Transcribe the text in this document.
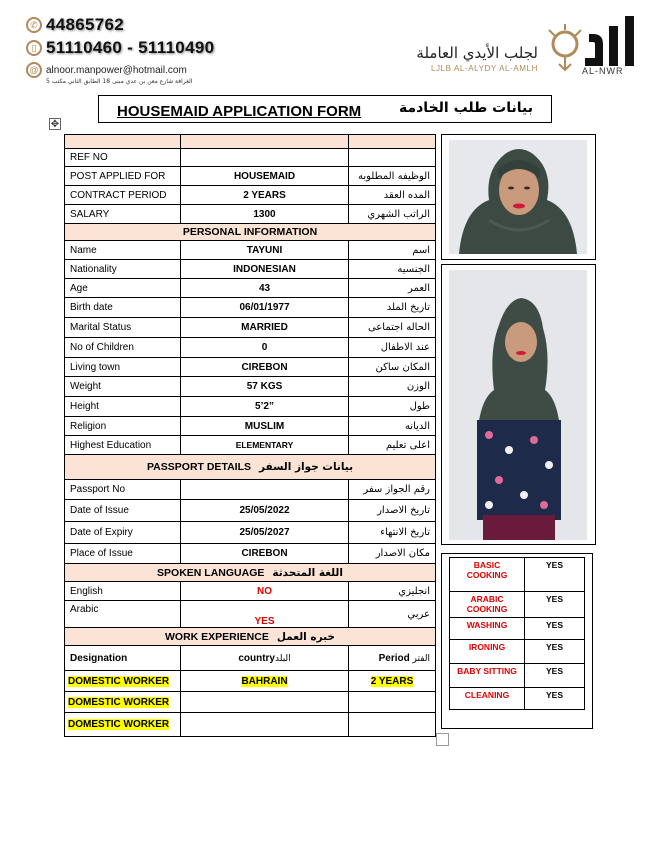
✆ 44865762
▯ 51110460 - 51110490
@ alnoor.manpower@hotmail.com
الغرافة شارع معن بن عدي مبنى 18 الطابق الثاني مكتب 5
لجلب الأيدي العاملة
LJLB AL-ALYDY AL-AMLH	AL-NWR
HOUSEMAID APPLICATION FORM	بيانات طلب الخادمة
✥

REF NO		
POST APPLIED FOR	HOUSEMAID	الوظيفه المطلوبه
CONTRACT PERIOD	2 YEARS	المده العقد
SALARY	1300	الراتب الشهري
PERSONAL INFORMATION		
Name	TAYUNI	اسم
Nationality	INDONESIAN	الجنسيه
Age	43	العمر
Birth date	06/01/1977	تاريخ الملد
Marital Status	MARRIED	الحاله اجتماعى
No of Children	0	عند الاطفال
Living town	CIREBON	المكان ساكن
Weight	57 KGS	الوزن
Height	5’2”	طول
Religion	MUSLIM	الديانه
Highest Education	ELEMENTARY	اعلى تعليم
PASSPORT DETAILS بيانات جواز السفر		
Passport No		رقم الجواز سفر
Date of Issue	25/05/2022	تاريخ الاصدار
Date of Expiry	25/05/2027	تاريخ الانتهاء
Place of Issue	CIREBON	مكان الاصدار
SPOKEN LANGUAGE اللغة المتحدثة		
English	NO	انجليزي
Arabic	YES	عربي
WORK EXPERIENCE خبره العمل		
Designation	countryالبلد	Period الفتر
DOMESTIC WORKER	BAHRAIN	2 YEARS
DOMESTIC WORKER		
DOMESTIC WORKER		
BASIC COOKING	YES
ARABIC COOKING	YES
WASHING	YES
IRONING	YES
BABY SITTING	YES
CLEANING	YES
